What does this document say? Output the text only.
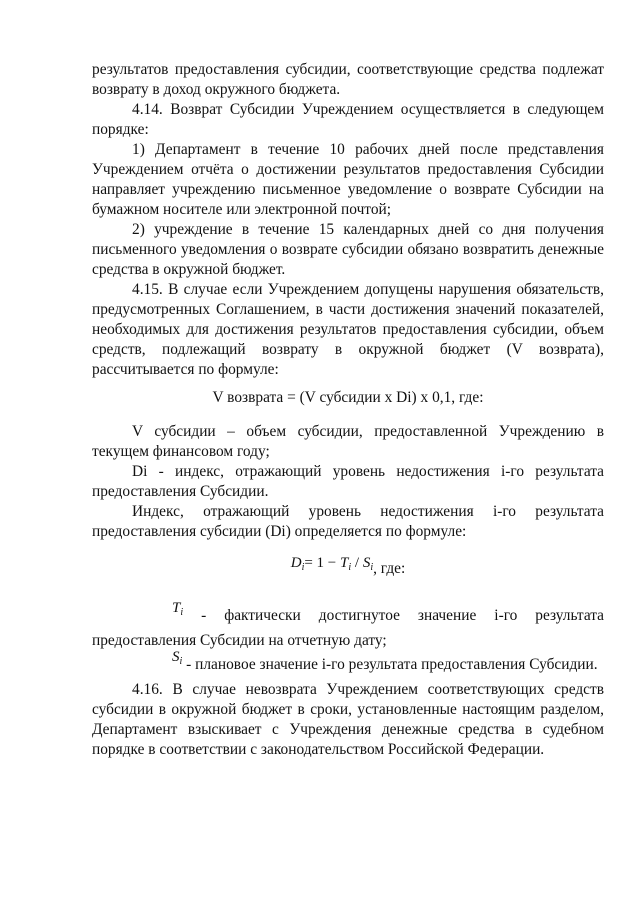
результатов предоставления субсидии, соответствующие средства подлежат возврату в доход окружного бюджета.

4.14. Возврат Субсидии Учреждением осуществляется в следующем порядке:

1) Департамент в течение 10 рабочих дней после представления Учреждением отчёта о достижении результатов предоставления Субсидии направляет учреждению письменное уведомление о возврате Субсидии на бумажном носителе или электронной почтой;

2) учреждение в течение 15 календарных дней со дня получения письменного уведомления о возврате субсидии обязано возвратить денежные средства в окружной бюджет.

4.15. В случае если Учреждением допущены нарушения обязательств, предусмотренных Соглашением, в части достижения значений показателей, необходимых для достижения результатов предоставления субсидии, объем средств, подлежащий возврату в окружной бюджет (V возврата), рассчитывается по формуле:

V возврата = (V субсидии x Di) x 0,1, где:

V субсидии – объем субсидии, предоставленной Учреждению в текущем финансовом году;

Di - индекс, отражающий уровень недостижения i-го результата предоставления Субсидии.

Индекс, отражающий уровень недостижения i-го результата предоставления субсидии (Di) определяется по формуле:

$D_i= 1 - T_i / S_i$, где:

$T_i$ - фактически достигнутое значение i-го результата предоставления Субсидии на отчетную дату;

$S_i$ - плановое значение i-го результата предоставления Субсидии.

4.16. В случае невозврата Учреждением соответствующих средств субсидии в окружной бюджет в сроки, установленные настоящим разделом, Департамент взыскивает с Учреждения денежные средства в судебном порядке в соответствии с законодательством Российской Федерации.
